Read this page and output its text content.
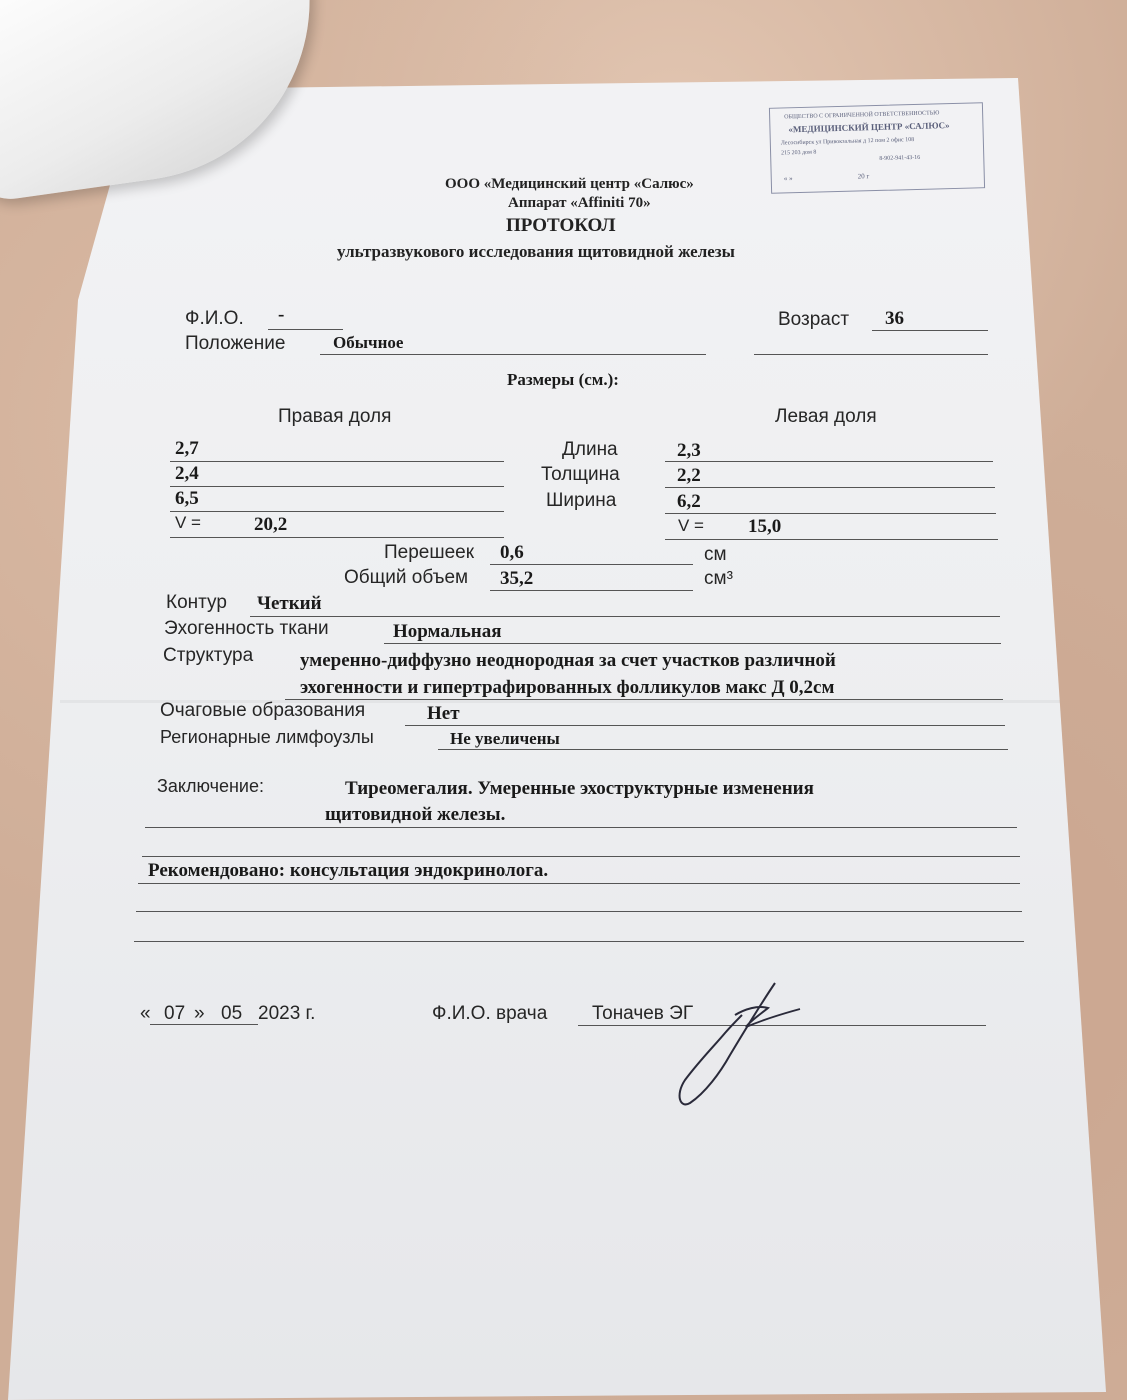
ОБЩЕСТВО С ОГРАНИЧЕННОЙ ОТВЕТСТВЕННОСТЬЮ
«МЕДИЦИНСКИЙ ЦЕНТР «САЛЮС»
Лесосибирск ул Привокзальная д 12 пом 2 офис 108
215 203 дом 8
8-902-941-43-16
« »	20 г
ООО «Медицинский центр «Салюс»
Аппарат «Affiniti 70»
ПРОТОКОЛ
ультразвукового исследования щитовидной железы
Ф.И.О. -	Возраст 36
Положение	Обычное
Размеры (см.):
Правая доля	Левая доля
2,7	Длина	2,3
2,4	Толщина	2,2
6,5	Ширина	6,2
V =	20,2	V = 15,0
Перешеек 0,6	см
Общий объем 35,2	см³
Контур Четкий
Эхогенность ткани	Нормальная
Структура умеренно-диффузно неоднородная за счет участков различной
эхогенности и гипертрафированных фолликулов макс Д 0,2см
Очаговые образования	Нет
Регионарные лимфоузлы	Не увеличены
Заключение:	Тиреомегалия. Умеренные эхоструктурные изменения
щитовидной железы.
Рекомендовано: консультация эндокринолога.
« 07 » 05 2023 г.	Ф.И.О. врача Тоначев ЭГ
